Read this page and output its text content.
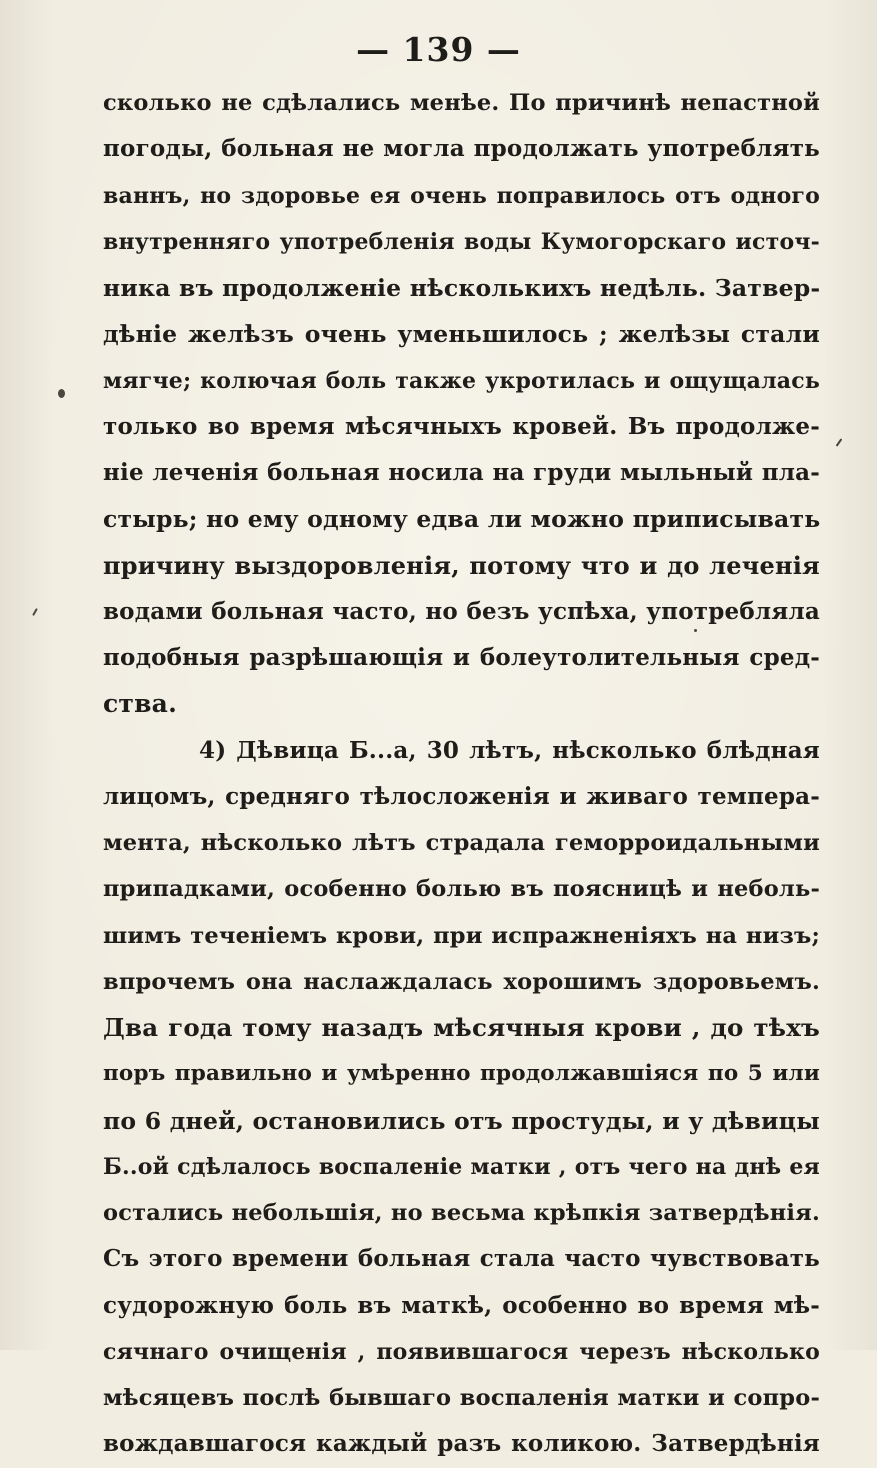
— 139 —
сколько не сдѣлались менѣе. По причинѣ непастной
погоды, больная не могла продолжать употреблять
ваннъ, но здоровье ея очень поправилось отъ одного
внутренняго употребленія воды Кумогорскаго источ-
ника въ продолженіе нѣсколькихъ недѣль. Затвер-
дѣніе желѣзъ очень уменьшилось ; желѣзы стали
мягче; колючая боль также укротилась и ощущалась
только во время мѣсячныхъ кровей. Въ продолже-
ніе леченія больная носила на груди мыльный пла-
стырь; но ему одному едва ли можно приписывать
причину выздоровленія, потому что и до леченія
водами больная часто, но безъ успѣха, употребляла
подобныя разрѣшающія и болеутолительныя сред-
ства.
4) Дѣвица Б...а, 30 лѣтъ, нѣсколько блѣдная
лицомъ, средняго тѣлосложенія и живаго темпера-
мента, нѣсколько лѣтъ страдала геморроидальными
припадками, особенно болью въ поясницѣ и неболь-
шимъ теченіемъ крови, при испражненіяхъ на низъ;
впрочемъ она наслаждалась хорошимъ здоровьемъ.
Два года тому назадъ мѣсячныя крови , до тѣхъ
поръ правильно и умѣренно продолжавшіяся по 5 или
по 6 дней, остановились отъ простуды, и у дѣвицы
Б..ой сдѣлалось воспаленіе матки , отъ чего на днѣ ея
остались небольшія, но весьма крѣпкія затвердѣнія.
Съ этого времени больная стала часто чувствовать
судорожную боль въ маткѣ, особенно во время мѣ-
сячнаго очищенія , появившагося черезъ нѣсколько
мѣсяцевъ послѣ бывшаго воспаленія матки и сопро-
вождавшагося каждый разъ коликою. Затвердѣнія
